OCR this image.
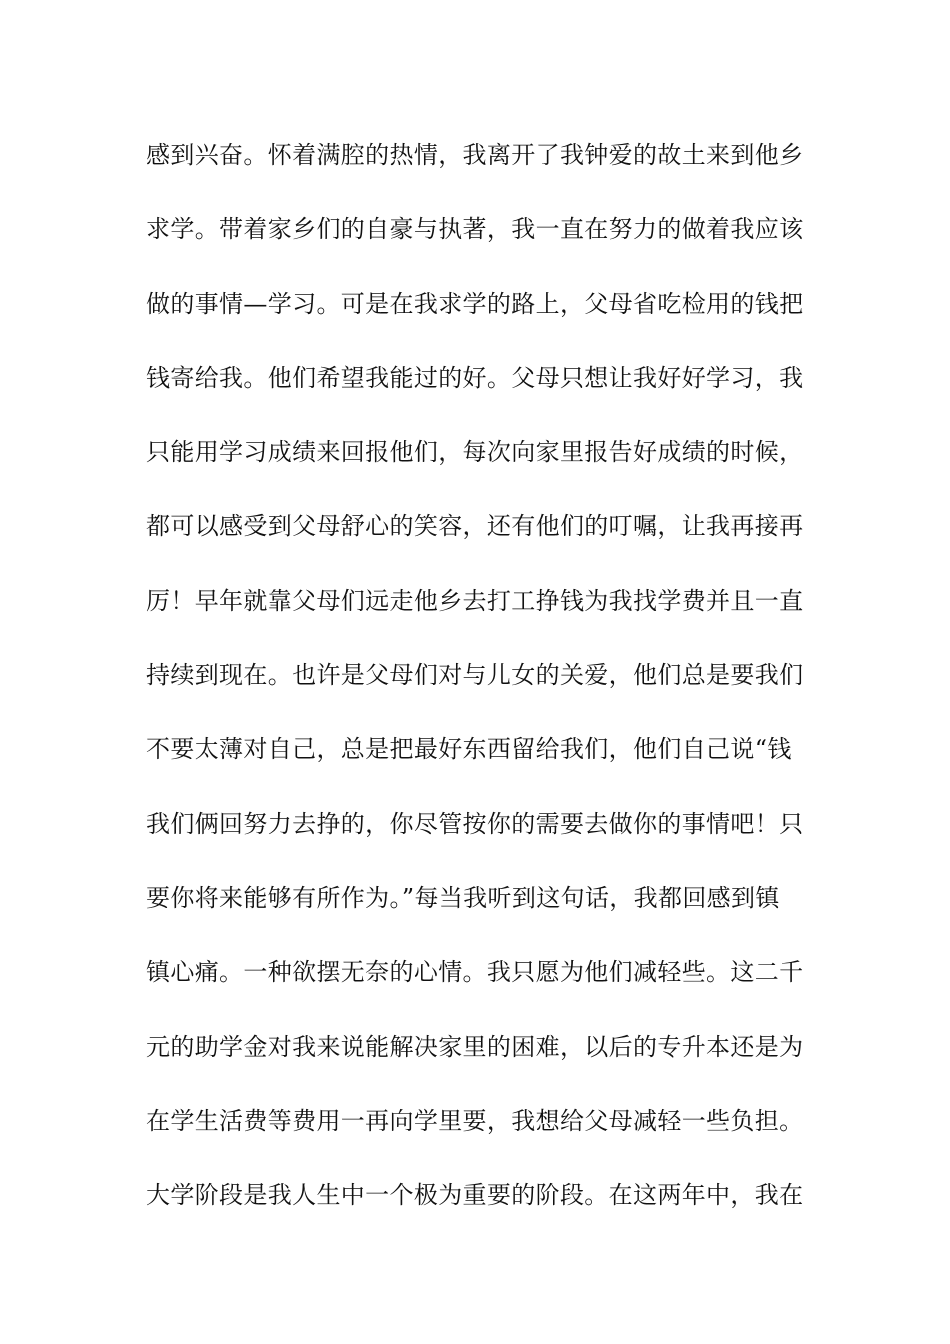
感到兴奋。怀着满腔的热情，我离开了我钟爱的故土来到他乡
求学。带着家乡们的自豪与执著，我一直在努力的做着我应该
做的事情—学习。可是在我求学的路上，父母省吃检用的钱把
钱寄给我。他们希望我能过的好。父母只想让我好好学习，我
只能用学习成绩来回报他们，每次向家里报告好成绩的时候，
都可以感受到父母舒心的笑容，还有他们的叮嘱，让我再接再
厉！早年就靠父母们远走他乡去打工挣钱为我找学费并且一直
持续到现在。也许是父母们对与儿女的关爱，他们总是要我们
不要太薄对自己，总是把最好东西留给我们，他们自己说“钱
我们俩回努力去挣的，你尽管按你的需要去做你的事情吧！只
要你将来能够有所作为。”每当我听到这句话，我都回感到镇
镇心痛。一种欲摆无奈的心情。我只愿为他们减轻些。这二千
元的助学金对我来说能解决家里的困难，以后的专升本还是为
在学生活费等费用一再向学里要，我想给父母减轻一些负担。
大学阶段是我人生中一个极为重要的阶段。在这两年中，我在
